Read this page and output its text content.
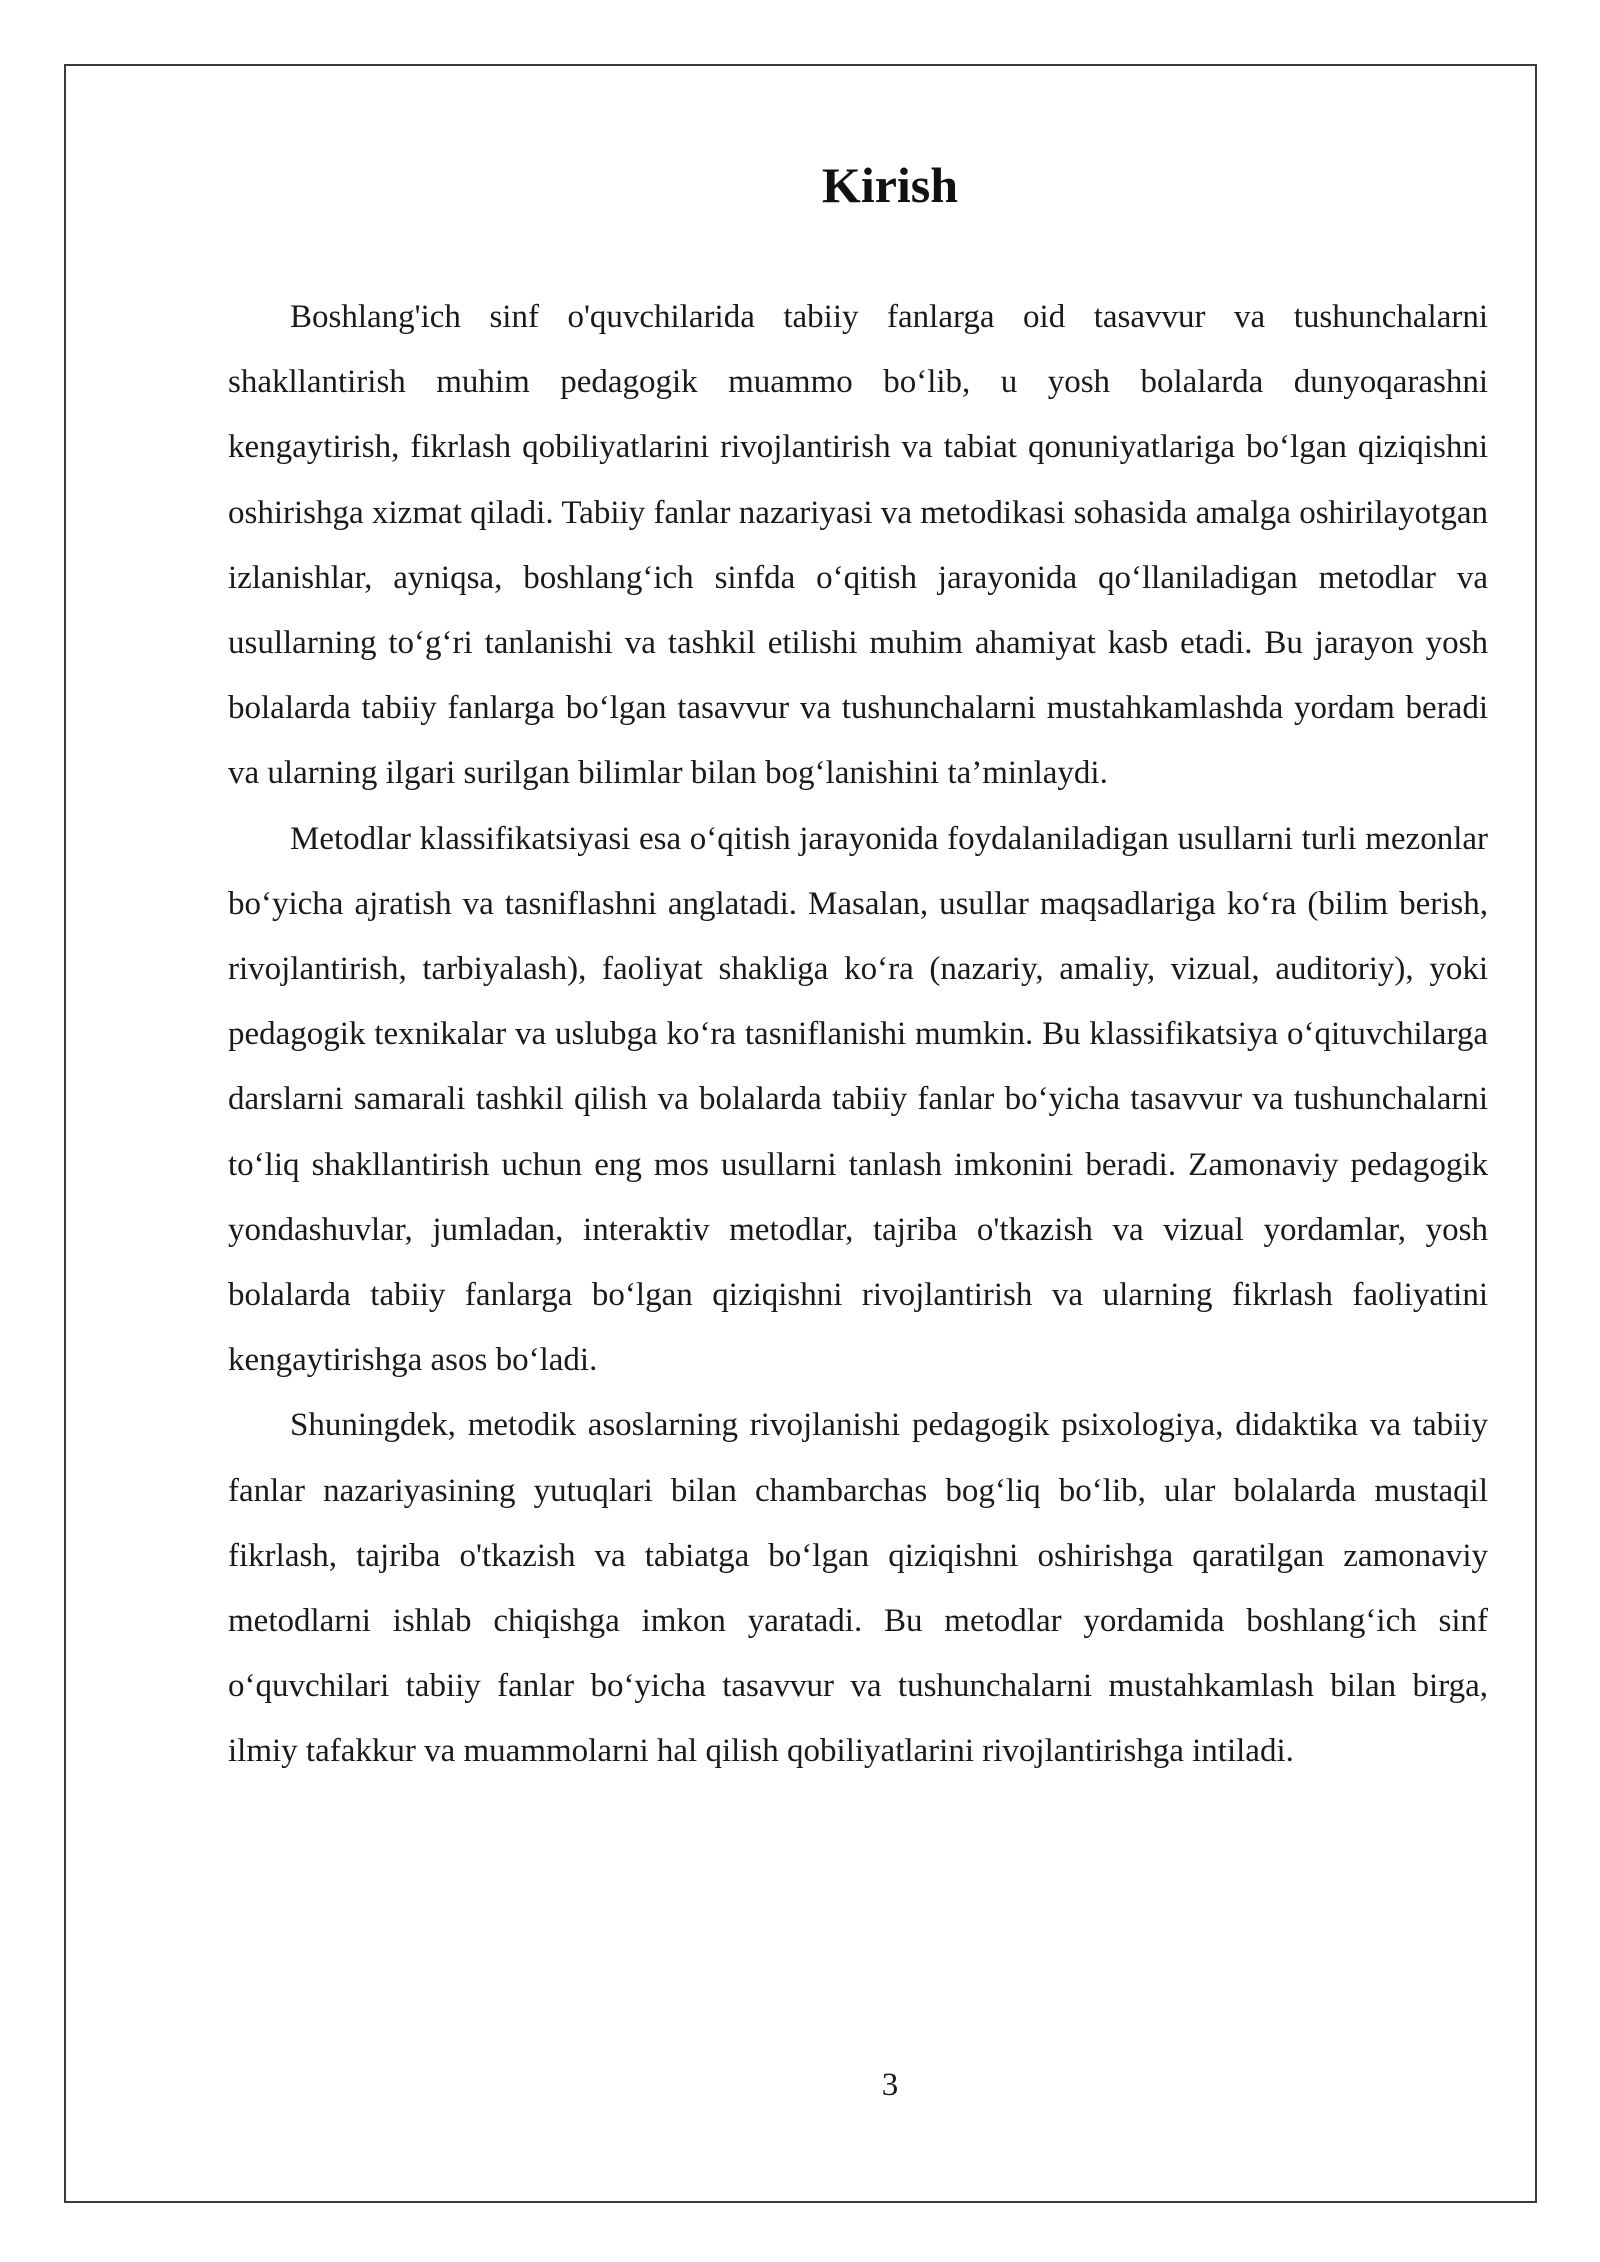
Kirish

Boshlang'ich sinf o'quvchilarida tabiiy fanlarga oid tasavvur va tushunchalarni shakllantirish muhim pedagogik muammo bo‘lib, u yosh bolalarda dunyoqarashni kengaytirish, fikrlash qobiliyatlarini rivojlantirish va tabiat qonuniyatlariga bo‘lgan qiziqishni oshirishga xizmat qiladi. Tabiiy fanlar nazariyasi va metodikasi sohasida amalga oshirilayotgan izlanishlar, ayniqsa, boshlang‘ich sinfda o‘qitish jarayonida qo‘llaniladigan metodlar va usullarning to‘g‘ri tanlanishi va tashkil etilishi muhim ahamiyat kasb etadi. Bu jarayon yosh bolalarda tabiiy fanlarga bo‘lgan tasavvur va tushunchalarni mustahkamlashda yordam beradi va ularning ilgari surilgan bilimlar bilan bog‘lanishini ta’minlaydi.

Metodlar klassifikatsiyasi esa o‘qitish jarayonida foydalaniladigan usullarni turli mezonlar bo‘yicha ajratish va tasniflashni anglatadi. Masalan, usullar maqsadlariga ko‘ra (bilim berish, rivojlantirish, tarbiyalash), faoliyat shakliga ko‘ra (nazariy, amaliy, vizual, auditoriy), yoki pedagogik texnikalar va uslubga ko‘ra tasniflanishi mumkin. Bu klassifikatsiya o‘qituvchilarga darslarni samarali tashkil qilish va bolalarda tabiiy fanlar bo‘yicha tasavvur va tushunchalarni to‘liq shakllantirish uchun eng mos usullarni tanlash imkonini beradi. Zamonaviy pedagogik yondashuvlar, jumladan, interaktiv metodlar, tajriba o'tkazish va vizual yordamlar, yosh bolalarda tabiiy fanlarga bo‘lgan qiziqishni rivojlantirish va ularning fikrlash faoliyatini kengaytirishga asos bo‘ladi.

Shuningdek, metodik asoslarning rivojlanishi pedagogik psixologiya, didaktika va tabiiy fanlar nazariyasining yutuqlari bilan chambarchas bog‘liq bo‘lib, ular bolalarda mustaqil fikrlash, tajriba o'tkazish va tabiatga bo‘lgan qiziqishni oshirishga qaratilgan zamonaviy metodlarni ishlab chiqishga imkon yaratadi. Bu metodlar yordamida boshlang‘ich sinf o‘quvchilari tabiiy fanlar bo‘yicha tasavvur va tushunchalarni mustahkamlash bilan birga, ilmiy tafakkur va muammolarni hal qilish qobiliyatlarini rivojlantirishga intiladi.

3
